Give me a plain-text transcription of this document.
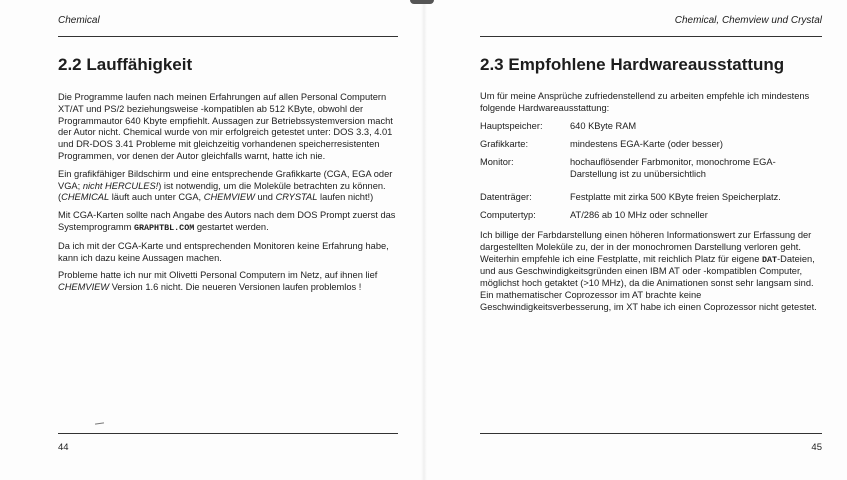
Chemical
2.2 Lauffähigkeit

Die Programme laufen nach meinen Erfahrungen auf allen Personal Computern XT/AT und PS/2 beziehungsweise -kompatiblen ab 512 KByte, obwohl der Programmautor 640 Kbyte empfiehlt. Aussagen zur Betriebssystemversion macht der Autor nicht. Chemical wurde von mir erfolgreich getestet unter: DOS 3.3, 4.01 und DR-DOS 3.41 Probleme mit gleichzeitig vorhandenen speicherresistenten Programmen, vor denen der Autor gleichfalls warnt, hatte ich nie.

Ein grafikfähiger Bildschirm und eine entsprechende Grafikkarte (CGA, EGA oder VGA; nicht HERCULES!) ist notwendig, um die Moleküle betrachten zu können. (CHEMICAL läuft auch unter CGA, CHEMVIEW und CRYSTAL laufen nicht!)

Mit CGA-Karten sollte nach Angabe des Autors nach dem DOS Prompt zuerst das Systemprogramm GRAPHTBL.COM gestartet werden.

Da ich mit der CGA-Karte und entsprechenden Monitoren keine Erfahrung habe, kann ich dazu keine Aussagen machen.

Probleme hatte ich nur mit Olivetti Personal Computern im Netz, auf ihnen lief CHEMVIEW Version 1.6 nicht. Die neueren Versionen laufen problemlos !

44
Chemical, Chemview und Crystal
2.3 Empfohlene Hardwareausstattung
Um für meine Ansprüche zufriedenstellend zu arbeiten empfehle ich mindestens folgende Hardwareausstattung:
Hauptspeicher:	640 KByte RAM
Grafikkarte:	mindestens EGA-Karte (oder besser)
Monitor:	hochauflösender Farbmonitor, monochrome EGA-Darstellung ist zu unübersichtlich
Datenträger:	Festplatte mit zirka 500 KByte freien Speicherplatz.
Computertyp:	AT/286 ab 10 MHz oder schneller

Ich billige der Farbdarstellung einen höheren Informationswert zur Erfassung der dargestellten Moleküle zu, der in der monochromen Darstellung verloren geht. Weiterhin empfehle ich eine Festplatte, mit reichlich Platz für eigene DAT-Dateien, und aus Geschwindigkeitsgründen einen IBM AT oder -kompatiblen Computer, möglichst hoch getaktet (>10 MHz), da die Animationen sonst sehr langsam sind. Ein mathematischer Coprozessor im AT brachte keine Geschwindigkeitsverbesserung, im XT habe ich einen Coprozessor nicht getestet.

45
